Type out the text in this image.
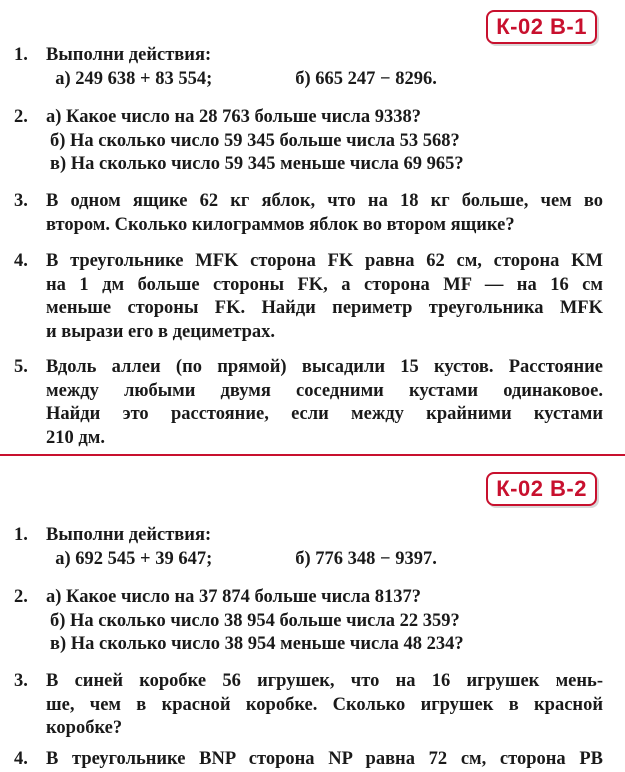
К-02 В-1
1. Выполни действия:
а) 249 638 + 83 554;	б) 665 247 − 8296.
2. а) Какое число на 28 763 больше числа 9338?
б) На сколько число 59 345 больше числа 53 568?
в) На сколько число 59 345 меньше числа 69 965?
3. В одном ящике 62 кг яблок, что на 18 кг больше, чем во
втором. Сколько килограммов яблок во втором ящике?
4. В треугольнике MFK сторона FK равна 62 см, сторона KM
на 1 дм больше стороны FK, а сторона MF — на 16 см
меньше стороны FK. Найди периметр треугольника MFK
и вырази его в дециметрах.
5. Вдоль аллеи (по прямой) высадили 15 кустов. Расстояние
между любыми двумя соседними кустами одинаковое.
Найди это расстояние, если между крайними кустами
210 дм.
К-02 В-2
1. Выполни действия:
а) 692 545 + 39 647;	б) 776 348 − 9397.
2. а) Какое число на 37 874 больше числа 8137?
б) На сколько число 38 954 больше числа 22 359?
в) На сколько число 38 954 меньше числа 48 234?
3. В синей коробке 56 игрушек, что на 16 игрушек мень-
ше, чем в красной коробке. Сколько игрушек в красной
коробке?
4. В треугольнике BNP сторона NP равна 72 см, сторона PB
